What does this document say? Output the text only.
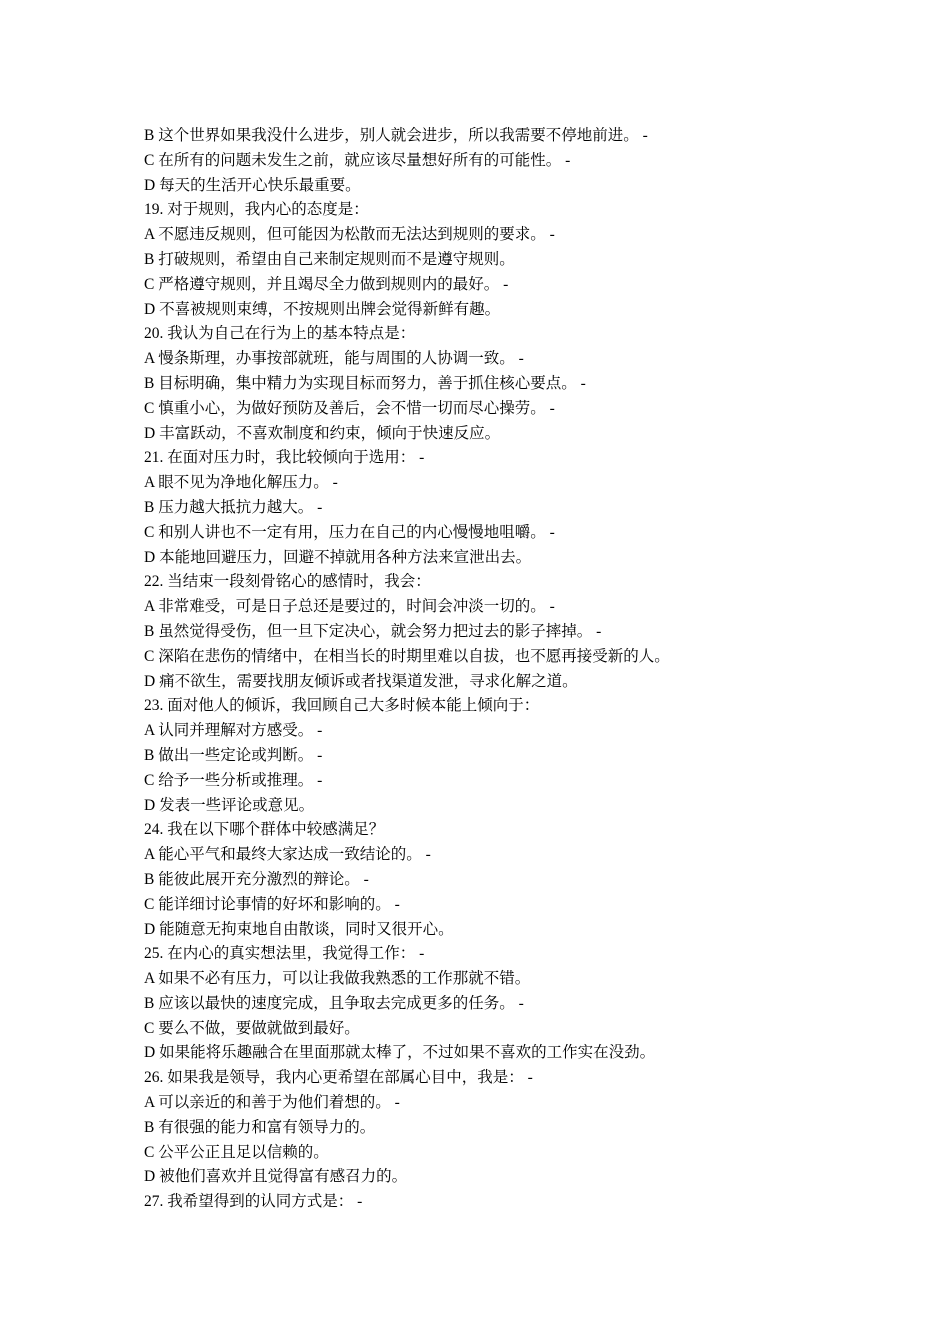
B 这个世界如果我没什么进步，别人就会进步，所以我需要不停地前进。 -
C 在所有的问题未发生之前，就应该尽量想好所有的可能性。 -
D 每天的生活开心快乐最重要。
19. 对于规则，我内心的态度是：
A 不愿违反规则，但可能因为松散而无法达到规则的要求。 -
B 打破规则，希望由自己来制定规则而不是遵守规则。
C 严格遵守规则，并且竭尽全力做到规则内的最好。 -
D 不喜被规则束缚，不按规则出牌会觉得新鲜有趣。
20. 我认为自己在行为上的基本特点是：
A 慢条斯理，办事按部就班，能与周围的人协调一致。 -
B 目标明确，集中精力为实现目标而努力，善于抓住核心要点。 -
C 慎重小心，为做好预防及善后，会不惜一切而尽心操劳。 -
D 丰富跃动，不喜欢制度和约束，倾向于快速反应。
21. 在面对压力时，我比较倾向于选用： -
A 眼不见为净地化解压力。 -
B 压力越大抵抗力越大。 -
C 和别人讲也不一定有用，压力在自己的内心慢慢地咀嚼。 -
D 本能地回避压力，回避不掉就用各种方法来宣泄出去。
22. 当结束一段刻骨铭心的感情时，我会：
A 非常难受，可是日子总还是要过的，时间会冲淡一切的。 -
B 虽然觉得受伤，但一旦下定决心，就会努力把过去的影子摔掉。 -
C 深陷在悲伤的情绪中，在相当长的时期里难以自拔，也不愿再接受新的人。
D 痛不欲生，需要找朋友倾诉或者找渠道发泄，寻求化解之道。
23. 面对他人的倾诉，我回顾自己大多时候本能上倾向于：
A 认同并理解对方感受。 -
B 做出一些定论或判断。 -
C 给予一些分析或推理。 -
D 发表一些评论或意见。
24. 我在以下哪个群体中较感满足？
A 能心平气和最终大家达成一致结论的。 -
B 能彼此展开充分激烈的辩论。 -
C 能详细讨论事情的好坏和影响的。 -
D 能随意无拘束地自由散谈，同时又很开心。
25. 在内心的真实想法里，我觉得工作： -
A 如果不必有压力，可以让我做我熟悉的工作那就不错。
B 应该以最快的速度完成，且争取去完成更多的任务。 -
C 要么不做，要做就做到最好。
D 如果能将乐趣融合在里面那就太棒了，不过如果不喜欢的工作实在没劲。
26. 如果我是领导，我内心更希望在部属心目中，我是： -
A 可以亲近的和善于为他们着想的。 -
B 有很强的能力和富有领导力的。
C 公平公正且足以信赖的。
D 被他们喜欢并且觉得富有感召力的。
27. 我希望得到的认同方式是： -
